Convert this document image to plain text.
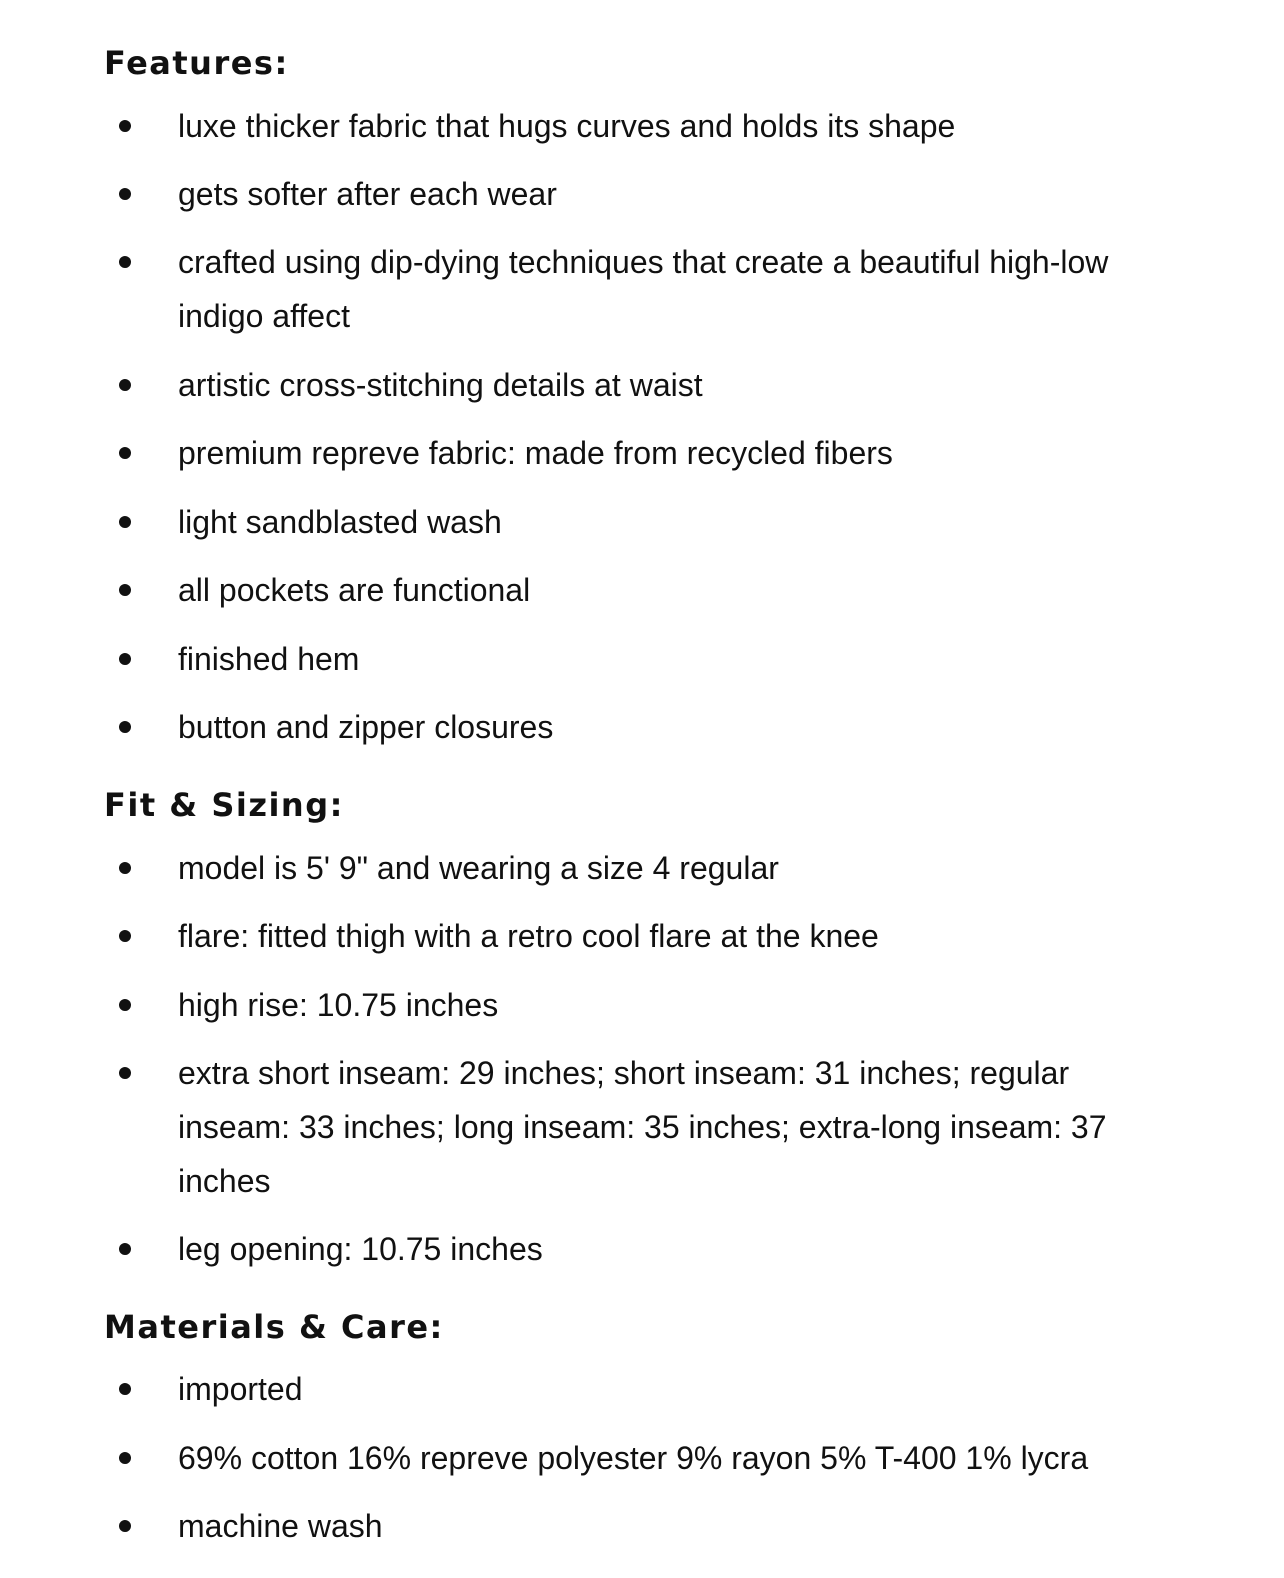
Features:
luxe thicker fabric that hugs curves and holds its shape
gets softer after each wear
crafted using dip-dying techniques that create a beautiful high-low indigo affect
artistic cross-stitching details at waist
premium repreve fabric: made from recycled fibers
light sandblasted wash
all pockets are functional
finished hem
button and zipper closures
Fit & Sizing:
model is 5' 9" and wearing a size 4 regular
flare: fitted thigh with a retro cool flare at the knee
high rise: 10.75 inches
extra short inseam: 29 inches; short inseam: 31 inches; regular inseam: 33 inches; long inseam: 35 inches; extra-long inseam: 37 inches
leg opening: 10.75 inches
Materials & Care:
imported
69% cotton 16% repreve polyester 9% rayon 5% T-400 1% lycra
machine wash
